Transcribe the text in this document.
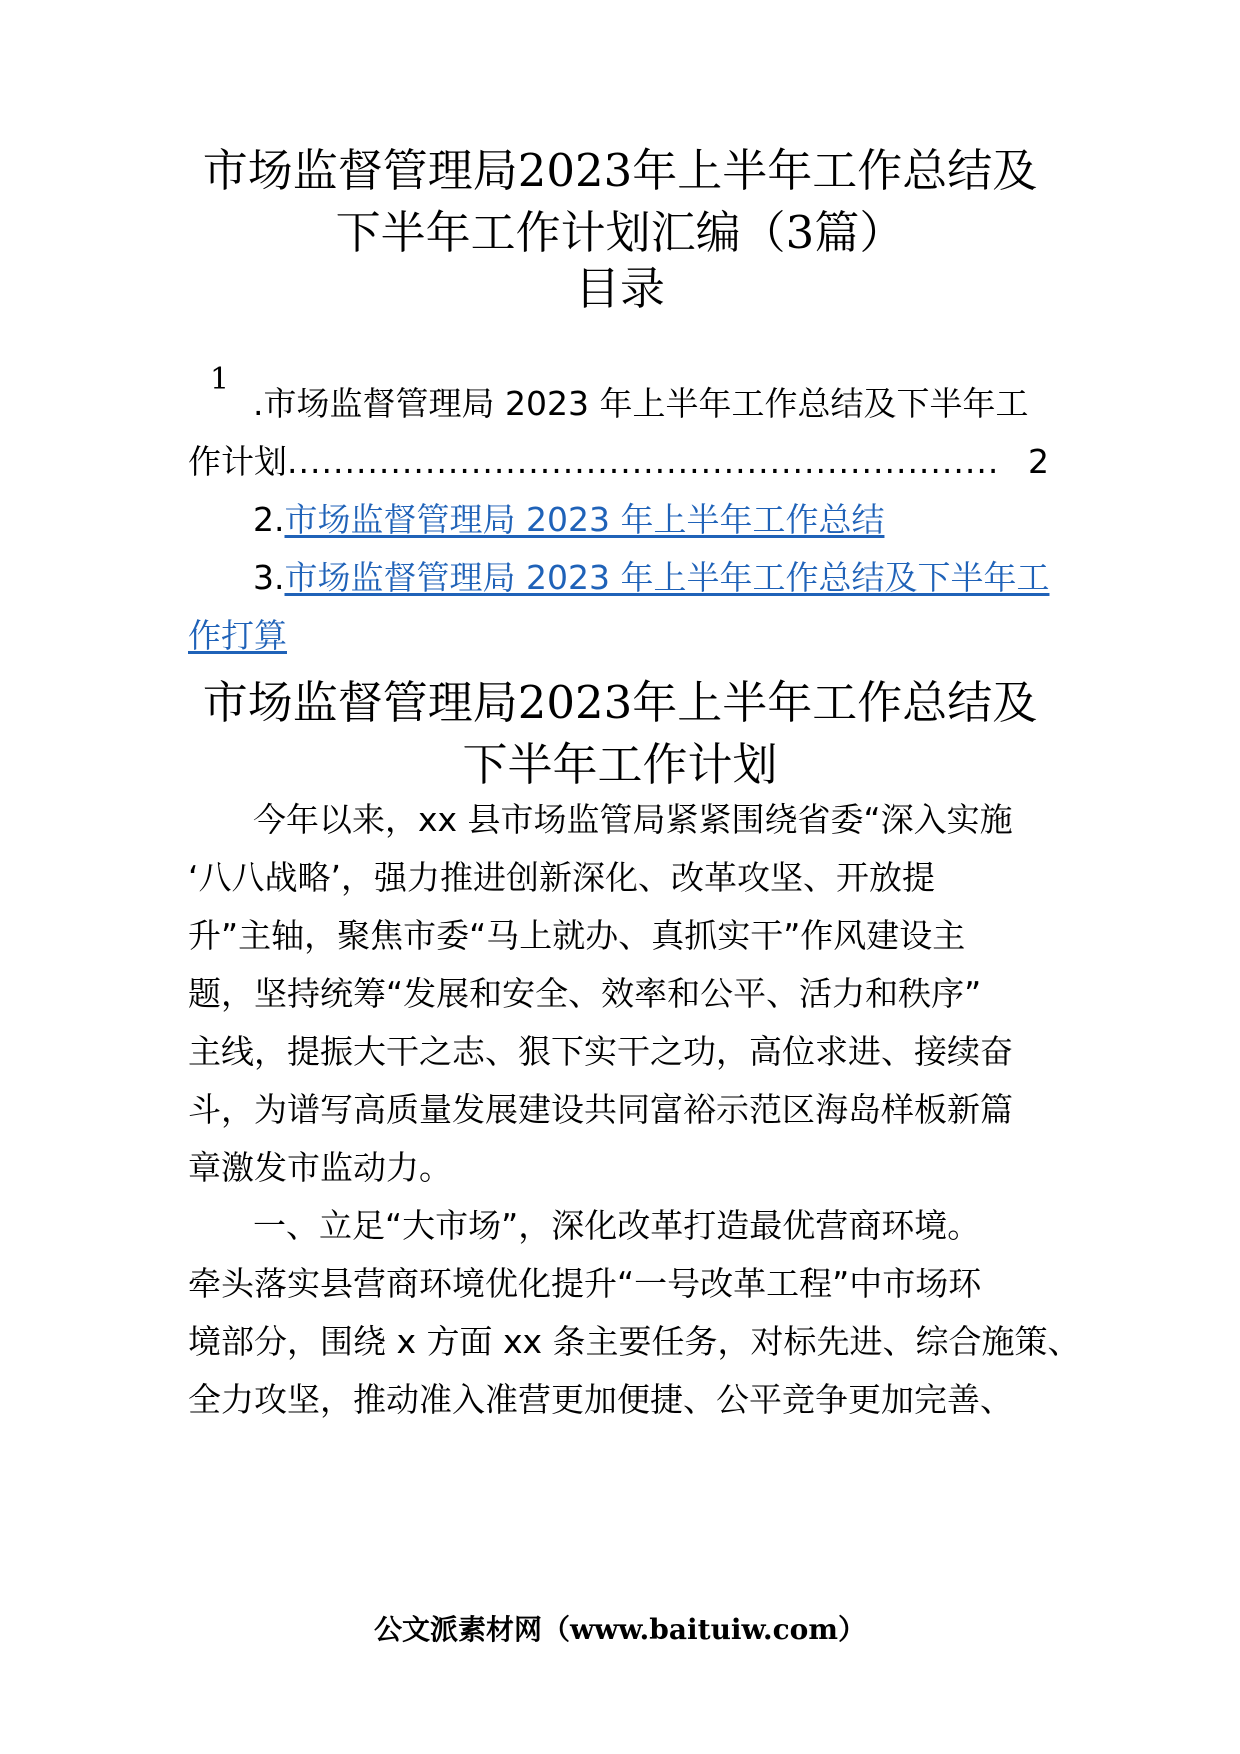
市场监督管理局2023年上半年工作总结及
下半年工作计划汇编（3篇）
目录
1
.市场监督管理局 2023 年上半年工作总结及下半年工
作计划.............................................................. 2
2.市场监督管理局 2023 年上半年工作总结
3.市场监督管理局 2023 年上半年工作总结及下半年工
作打算
市场监督管理局2023年上半年工作总结及
下半年工作计划
今年以来，xx 县市场监管局紧紧围绕省委“深入实施
‘八八战略’，强力推进创新深化、改革攻坚、开放提
升”主轴，聚焦市委“马上就办、真抓实干”作风建设主
题，坚持统筹“发展和安全、效率和公平、活力和秩序”
主线，提振大干之志、狠下实干之功，高位求进、接续奋
斗，为谱写高质量发展建设共同富裕示范区海岛样板新篇
章激发市监动力。
一、立足“大市场”，深化改革打造最优营商环境。
牵头落实县营商环境优化提升“一号改革工程”中市场环
境部分，围绕 x 方面 xx 条主要任务，对标先进、综合施策、
全力攻坚，推动准入准营更加便捷、公平竞争更加完善、
公文派素材网（www.baituiw.com）
